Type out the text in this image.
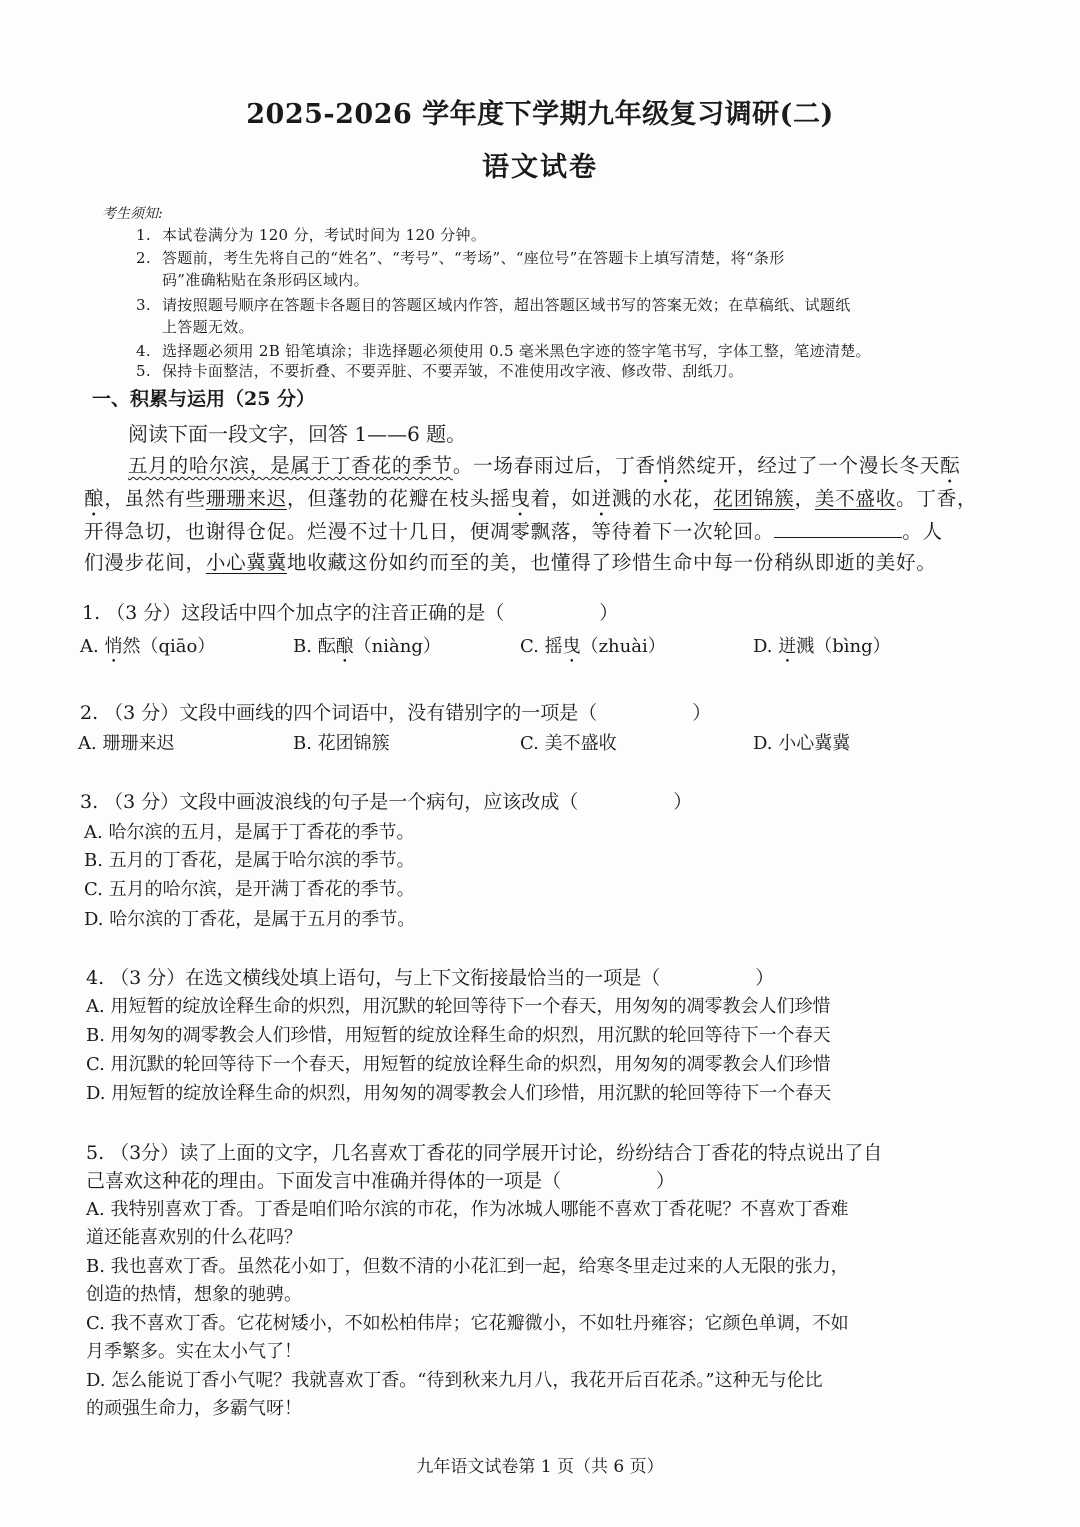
2025-2026 学年度下学期九年级复习调研(二)
语文试卷
考生须知:
1. 本试卷满分为 120 分，考试时间为 120 分钟。
2. 答题前，考生先将自己的“姓名”、“考号”、“考场”、“座位号”在答题卡上填写清楚，将“条形
码”准确粘贴在条形码区域内。
3. 请按照题号顺序在答题卡各题目的答题区域内作答，超出答题区域书写的答案无效；在草稿纸、试题纸
上答题无效。
4. 选择题必须用 2B 铅笔填涂；非选择题必须使用 0.5 毫米黑色字迹的签字笔书写，字体工整，笔迹清楚。
5. 保持卡面整洁，不要折叠、不要弄脏、不要弄皱，不准使用改字液、修改带、刮纸刀。
一、积累与运用（25 分）
阅读下面一段文字，回答 1——6 题。
五月的哈尔滨，是属于丁香花的季节。一场春雨过后，丁香悄然绽开，经过了一个漫长冬天酝
酿，虽然有些珊珊来迟，但蓬勃的花瓣在枝头摇曳着，如迸溅的水花，花团锦簇，美不盛收。丁香，
开得急切，也谢得仓促。烂漫不过十几日，便凋零飘落，等待着下一次轮回。	。人
们漫步花间，小心冀冀地收藏这份如约而至的美，也懂得了珍惜生命中每一份稍纵即逝的美好。
1. （3 分）这段话中四个加点字的注音正确的是（　　　　　）
A. 悄然（qiāo）	B. 酝酿（niàng）	C. 摇曳（zhuài）	D. 迸溅（bìng）
2. （3 分）文段中画线的四个词语中，没有错别字的一项是（　　　　　）
A. 珊珊来迟	B. 花团锦簇	C. 美不盛收	D. 小心冀冀
3. （3 分）文段中画波浪线的句子是一个病句，应该改成（　　　　　）
A. 哈尔滨的五月，是属于丁香花的季节。
B. 五月的丁香花，是属于哈尔滨的季节。
C. 五月的哈尔滨，是开满丁香花的季节。
D. 哈尔滨的丁香花，是属于五月的季节。
4. （3 分）在选文横线处填上语句，与上下文衔接最恰当的一项是（　　　　　）
A. 用短暂的绽放诠释生命的炽烈，用沉默的轮回等待下一个春天，用匆匆的凋零教会人们珍惜
B. 用匆匆的凋零教会人们珍惜，用短暂的绽放诠释生命的炽烈，用沉默的轮回等待下一个春天
C. 用沉默的轮回等待下一个春天，用短暂的绽放诠释生命的炽烈，用匆匆的凋零教会人们珍惜
D. 用短暂的绽放诠释生命的炽烈，用匆匆的凋零教会人们珍惜，用沉默的轮回等待下一个春天
5. （3分）读了上面的文字，几名喜欢丁香花的同学展开讨论，纷纷结合丁香花的特点说出了自
己喜欢这种花的理由。下面发言中准确并得体的一项是（　　　　　）
A. 我特别喜欢丁香。丁香是咱们哈尔滨的市花，作为冰城人哪能不喜欢丁香花呢？不喜欢丁香难
道还能喜欢别的什么花吗？
B. 我也喜欢丁香。虽然花小如丁，但数不清的小花汇到一起，给寒冬里走过来的人无限的张力，
创造的热情，想象的驰骋。
C. 我不喜欢丁香。它花树矮小，不如松柏伟岸；它花瓣微小，不如牡丹雍容；它颜色单调，不如
月季繁多。实在太小气了！
D. 怎么能说丁香小气呢？我就喜欢丁香。“待到秋来九月八，我花开后百花杀。”这种无与伦比
的顽强生命力，多霸气呀！
九年语文试卷第 1 页（共 6 页）
